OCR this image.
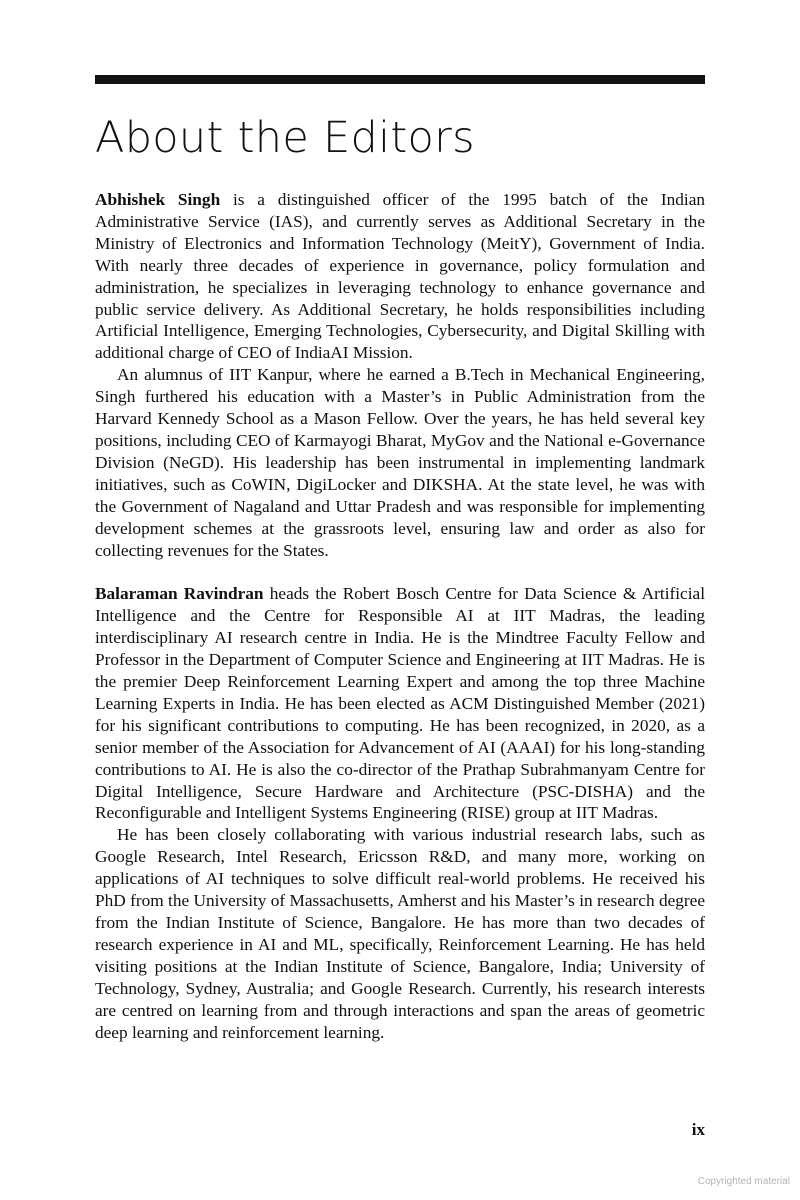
About the Editors

Abhishek Singh is a distinguished officer of the 1995 batch of the Indian Administrative Service (IAS), and currently serves as Additional Secretary in the Ministry of Electronics and Information Technology (MeitY), Government of India. With nearly three decades of experience in governance, policy formulation and administration, he specializes in leveraging technology to enhance governance and public service delivery. As Additional Secretary, he holds responsibilities including Artificial Intelligence, Emerging Technologies, Cybersecurity, and Digital Skilling with additional charge of CEO of IndiaAI Mission.

An alumnus of IIT Kanpur, where he earned a B.Tech in Mechanical Engineering, Singh furthered his education with a Master’s in Public Administration from the Harvard Kennedy School as a Mason Fellow. Over the years, he has held several key positions, including CEO of Karmayogi Bharat, MyGov and the National e-Governance Division (NeGD). His leadership has been instrumental in implementing landmark initiatives, such as CoWIN, DigiLocker and DIKSHA. At the state level, he was with the Government of Nagaland and Uttar Pradesh and was responsible for implementing development schemes at the grassroots level, ensuring law and order as also for collecting revenues for the States.

Balaraman Ravindran heads the Robert Bosch Centre for Data Science & Artificial Intelligence and the Centre for Responsible AI at IIT Madras, the leading interdisciplinary AI research centre in India. He is the Mindtree Faculty Fellow and Professor in the Department of Computer Science and Engineering at IIT Madras. He is the premier Deep Reinforcement Learning Expert and among the top three Machine Learning Experts in India. He has been elected as ACM Distinguished Member (2021) for his significant contributions to computing. He has been recognized, in 2020, as a senior member of the Association for Advancement of AI (AAAI) for his long-standing contributions to AI. He is also the co-director of the Prathap Subrahmanyam Centre for Digital Intelligence, Secure Hardware and Architecture (PSC-DISHA) and the Reconfigurable and Intelligent Systems Engineering (RISE) group at IIT Madras.

He has been closely collaborating with various industrial research labs, such as Google Research, Intel Research, Ericsson R&D, and many more, working on applications of AI techniques to solve difficult real-world problems. He received his PhD from the University of Massachusetts, Amherst and his Master’s in research degree from the Indian Institute of Science, Bangalore. He has more than two decades of research experience in AI and ML, specifically, Reinforcement Learning. He has held visiting positions at the Indian Institute of Science, Bangalore, India; University of Technology, Sydney, Australia; and Google Research. Currently, his research interests are centred on learning from and through interactions and span the areas of geometric deep learning and reinforcement learning.

ix
Copyrighted material
